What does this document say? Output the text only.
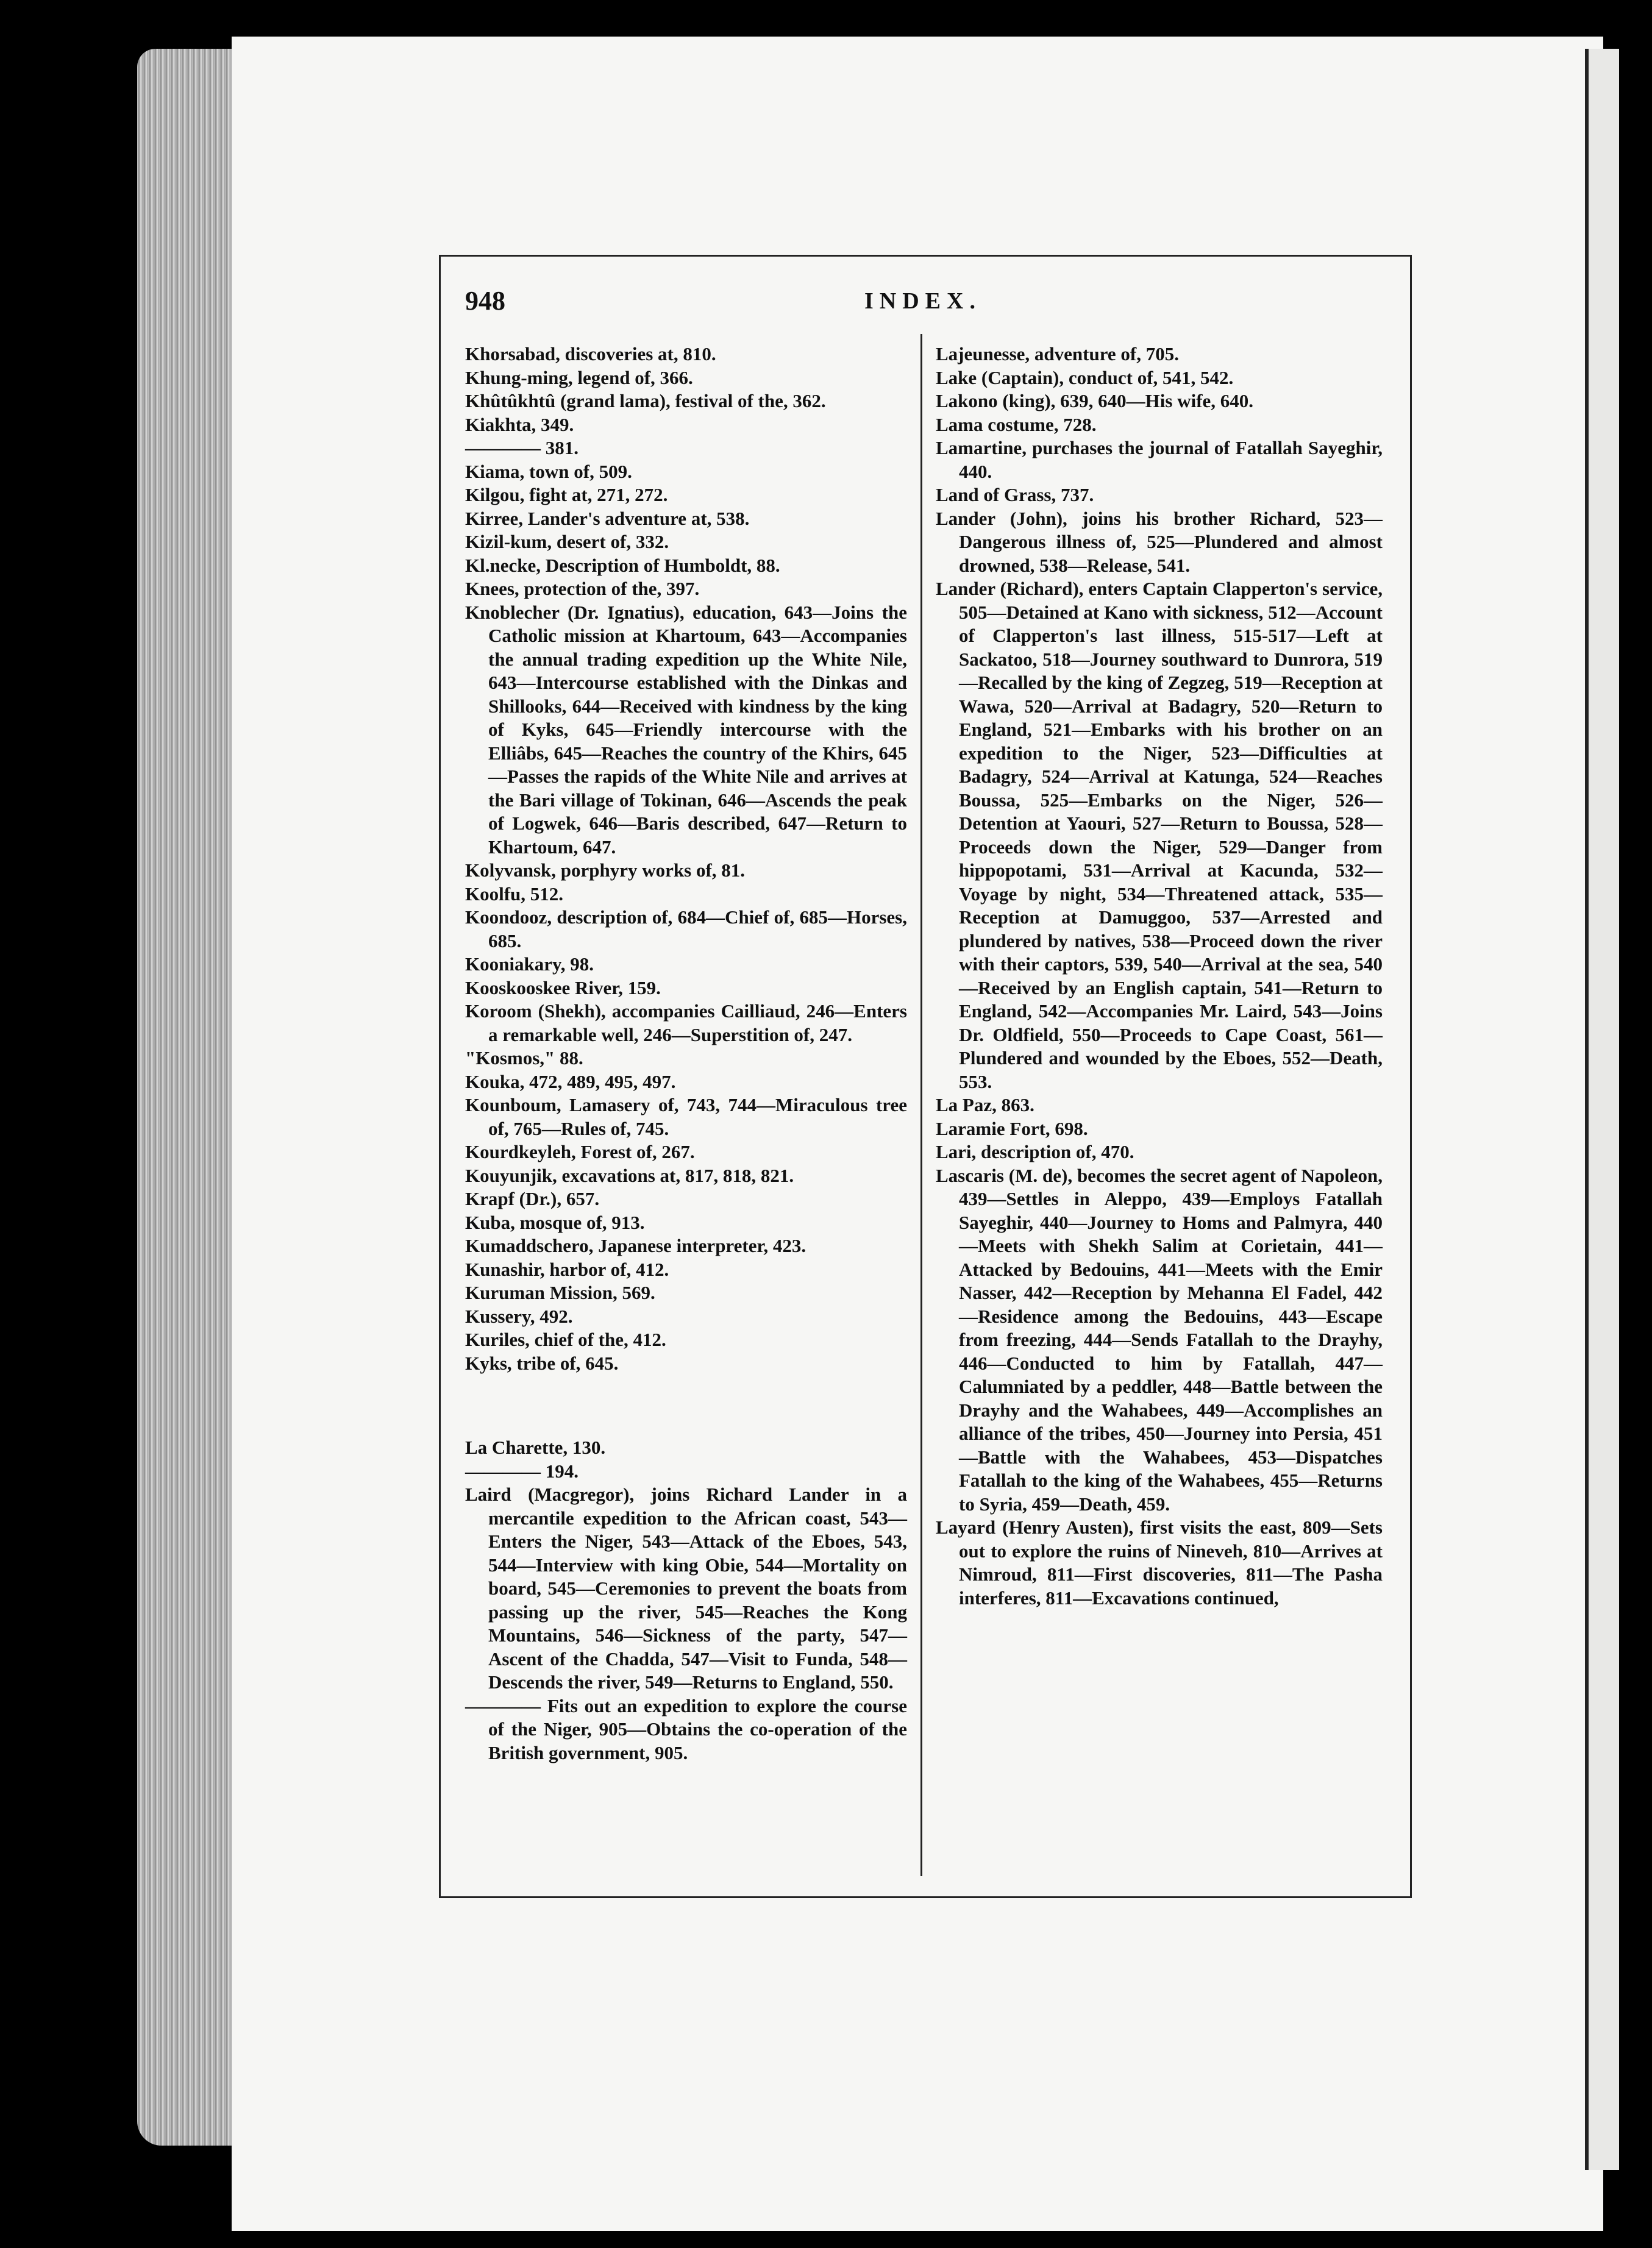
948	INDEX.

Khorsabad, discoveries at, 810.

Khung-ming, legend of, 366.

Khûtûkhtû (grand lama), festival of the, 362.

Kiakhta, 349.

———— 381.

Kiama, town of, 509.

Kilgou, fight at, 271, 272.

Kirree, Lander's adventure at, 538.

Kizil-kum, desert of, 332.

Kl.necke, Description of Humboldt, 88.

Knees, protection of the, 397.

Knoblecher (Dr. Ignatius), education, 643—Joins the Catholic mission at Khartoum, 643—Accompanies the annual trading expedition up the White Nile, 643—Intercourse established with the Dinkas and Shillooks, 644—Received with kindness by the king of Kyks, 645—Friendly intercourse with the Elliâbs, 645—Reaches the country of the Khirs, 645—Passes the rapids of the White Nile and arrives at the Bari village of Tokinan, 646—Ascends the peak of Logwek, 646—Baris described, 647—Return to Khartoum, 647.

Kolyvansk, porphyry works of, 81.

Koolfu, 512.

Koondooz, description of, 684—Chief of, 685—Horses, 685.

Kooniakary, 98.

Kooskooskee River, 159.

Koroom (Shekh), accompanies Cailliaud, 246—Enters a remarkable well, 246—Superstition of, 247.

"Kosmos," 88.

Kouka, 472, 489, 495, 497.

Kounboum, Lamasery of, 743, 744—Miraculous tree of, 765—Rules of, 745.

Kourdkeyleh, Forest of, 267.

Kouyunjik, excavations at, 817, 818, 821.

Krapf (Dr.), 657.

Kuba, mosque of, 913.

Kumaddschero, Japanese interpreter, 423.

Kunashir, harbor of, 412.

Kuruman Mission, 569.

Kussery, 492.

Kuriles, chief of the, 412.

Kyks, tribe of, 645.

La Charette, 130.

———— 194.

Laird (Macgregor), joins Richard Lander in a mercantile expedition to the African coast, 543—Enters the Niger, 543—Attack of the Eboes, 543, 544—Interview with king Obie, 544—Mortality on board, 545—Ceremonies to prevent the boats from passing up the river, 545—Reaches the Kong Mountains, 546—Sickness of the party, 547—Ascent of the Chadda, 547—Visit to Funda, 548—Descends the river, 549—Returns to England, 550.

———— Fits out an expedition to explore the course of the Niger, 905—Obtains the co-operation of the British government, 905.

Lajeunesse, adventure of, 705.

Lake (Captain), conduct of, 541, 542.

Lakono (king), 639, 640—His wife, 640.

Lama costume, 728.

Lamartine, purchases the journal of Fatallah Sayeghir, 440.

Land of Grass, 737.

Lander (John), joins his brother Richard, 523—Dangerous illness of, 525—Plundered and almost drowned, 538—Release, 541.

Lander (Richard), enters Captain Clapperton's service, 505—Detained at Kano with sickness, 512—Account of Clapperton's last illness, 515-517—Left at Sackatoo, 518—Journey southward to Dunrora, 519—Recalled by the king of Zegzeg, 519—Reception at Wawa, 520—Arrival at Badagry, 520—Return to England, 521—Embarks with his brother on an expedition to the Niger, 523—Difficulties at Badagry, 524—Arrival at Katunga, 524—Reaches Boussa, 525—Embarks on the Niger, 526—Detention at Yaouri, 527—Return to Boussa, 528—Proceeds down the Niger, 529—Danger from hippopotami, 531—Arrival at Kacunda, 532—Voyage by night, 534—Threatened attack, 535—Reception at Damuggoo, 537—Arrested and plundered by natives, 538—Proceed down the river with their captors, 539, 540—Arrival at the sea, 540—Received by an English captain, 541—Return to England, 542—Accompanies Mr. Laird, 543—Joins Dr. Oldfield, 550—Proceeds to Cape Coast, 561—Plundered and wounded by the Eboes, 552—Death, 553.

La Paz, 863.

Laramie Fort, 698.

Lari, description of, 470.

Lascaris (M. de), becomes the secret agent of Napoleon, 439—Settles in Aleppo, 439—Employs Fatallah Sayeghir, 440—Journey to Homs and Palmyra, 440—Meets with Shekh Salim at Corietain, 441—Attacked by Bedouins, 441—Meets with the Emir Nasser, 442—Reception by Mehanna El Fadel, 442—Residence among the Bedouins, 443—Escape from freezing, 444—Sends Fatallah to the Drayhy, 446—Conducted to him by Fatallah, 447—Calumniated by a peddler, 448—Battle between the Drayhy and the Wahabees, 449—Accomplishes an alliance of the tribes, 450—Journey into Persia, 451—Battle with the Wahabees, 453—Dispatches Fatallah to the king of the Wahabees, 455—Returns to Syria, 459—Death, 459.

Layard (Henry Austen), first visits the east, 809—Sets out to explore the ruins of Nineveh, 810—Arrives at Nimroud, 811—First discoveries, 811—The Pasha interferes, 811—Excavations continued,
